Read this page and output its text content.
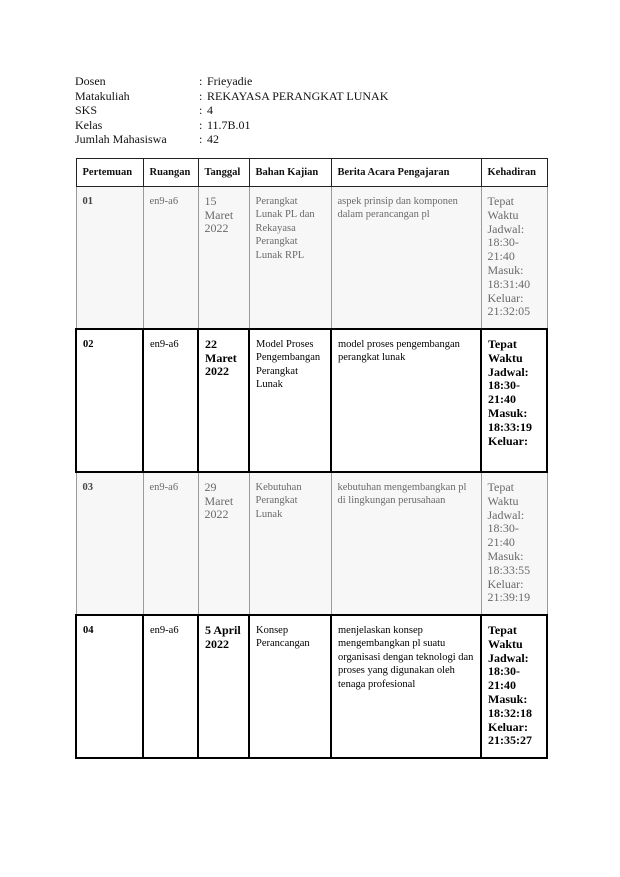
Dosen	: Frieyadie
Matakuliah	: REKAYASA PERANGKAT LUNAK
SKS	: 4
Kelas	: 11.7B.01
Jumlah Mahasiswa	: 42
Pertemuan	Ruangan	Tanggal	Bahan Kajian	Berita Acara Pengajaran	Kehadiran

01	en9-a6	15 Maret 2022	Perangkat Lunak PL dan Rekayasa Perangkat Lunak RPL	aspek prinsip dan komponen dalam perancangan pl	Tepat Waktu
Jadwal: 18:30-21:40
Masuk: 18:31:40
Keluar: 21:32:05

02	en9-a6	22 Maret 2022	Model Proses Pengembangan Perangkat Lunak	model proses pengembangan perangkat lunak	Tepat Waktu
Jadwal: 18:30-21:40
Masuk: 18:33:19
Keluar:

03	en9-a6	29 Maret 2022	Kebutuhan Perangkat Lunak	kebutuhan mengembangkan pl di lingkungan perusahaan	Tepat Waktu
Jadwal: 18:30-21:40
Masuk: 18:33:55
Keluar: 21:39:19

04	en9-a6	5 April 2022	Konsep Perancangan	menjelaskan konsep mengembangkan pl suatu organisasi dengan teknologi dan proses yang digunakan oleh tenaga profesional	Tepat Waktu
Jadwal: 18:30-21:40
Masuk: 18:32:18
Keluar: 21:35:27
